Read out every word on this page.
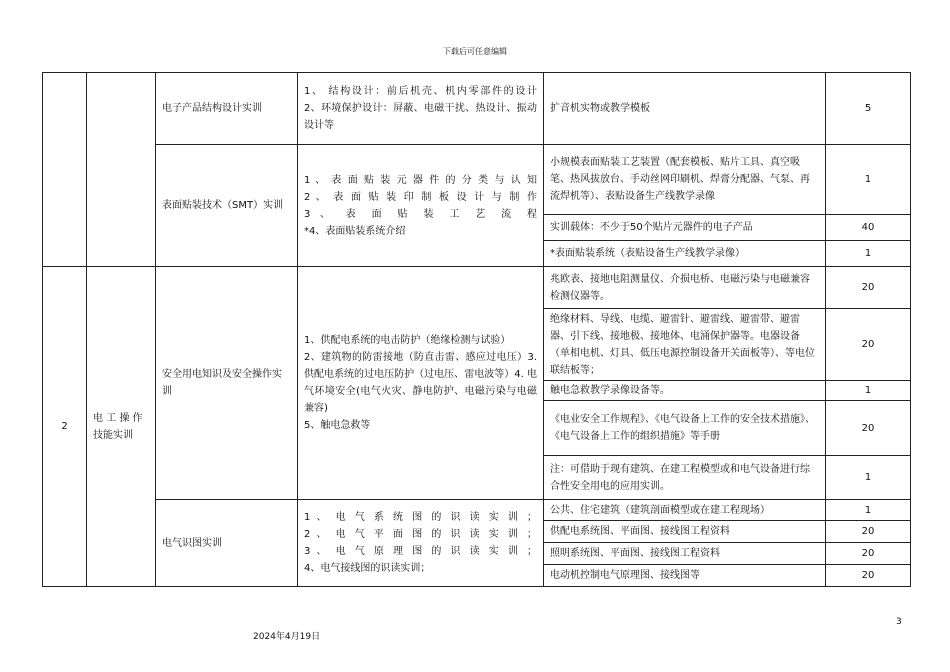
下载后可任意编辑
		电子产品结构设计实训	1、 结构设计：前后机壳、机内零部件的设计
2、环境保护设计：屏蔽、电磁干扰、热设计、振动设计等	扩音机实物或教学模板	5
		表面贴装技术（SMT）实训	1 、 表 面 贴 装 元 器 件 的 分 类 与 认 知
2 、 表 面 贴 装 印 制 板 设 计 与 制 作
3 、 表 面 贴 装 工 艺 流 程
*4、表面贴装系统介绍	小规模表面贴装工艺装置（配套模板、贴片工具、真空吸笔、热风拔放台、手动丝网印刷机、焊膏分配器、气泵、再流焊机等）、表贴设备生产线教学录像	1
				实训载体：不少于50个贴片元器件的电子产品	40
				*表面贴装系统（表贴设备生产线教学录像）	1
2	电 工 操 作 技能实训	安全用电知识及安全操作实训	1、供配电系统的电击防护（绝缘检测与试验）
2、建筑物的防雷接地（防直击雷、感应过电压）3. 供配电系统的过电压防护（过电压、雷电波等）4. 电气环境安全(电气火灾、静电防护、电磁污染与电磁兼容)
5、触电急救等	兆欧表、接地电阻测量仪、介损电桥、电磁污染与电磁兼容检测仪器等。	20
				绝缘材料、导线、电缆、避雷针、避雷线、避雷带、避雷器、引下线、接地极、接地体、电涌保护器等。电器设备（单相电机、灯具、低压电源控制设备开关面板等）、等电位联结板等；	20
				触电急救教学录像设备等。	1
				《电业安全工作规程》、《电气设备上工作的安全技术措施》、《电气设备上工作的组织措施》等手册	20
				注：可借助于现有建筑、在建工程模型或和电气设备进行综合性安全用电的应用实训。	1
		电气识图实训	1 、 电 气 系 统 图 的 识 读 实 训 ；
2 、 电 气 平 面 图 的 识 读 实 训 ；
3 、 电 气 原 理 图 的 识 读 实 训 ；
4、电气接线图的识读实训；	公共、住宅建筑（建筑剖面模型或在建工程现场）	1
				供配电系统图、平面图、接线图工程资料	20
				照明系统图、平面图、接线图工程资料	20
				电动机控制电气原理图、接线图等	20
2024年4月19日
3
